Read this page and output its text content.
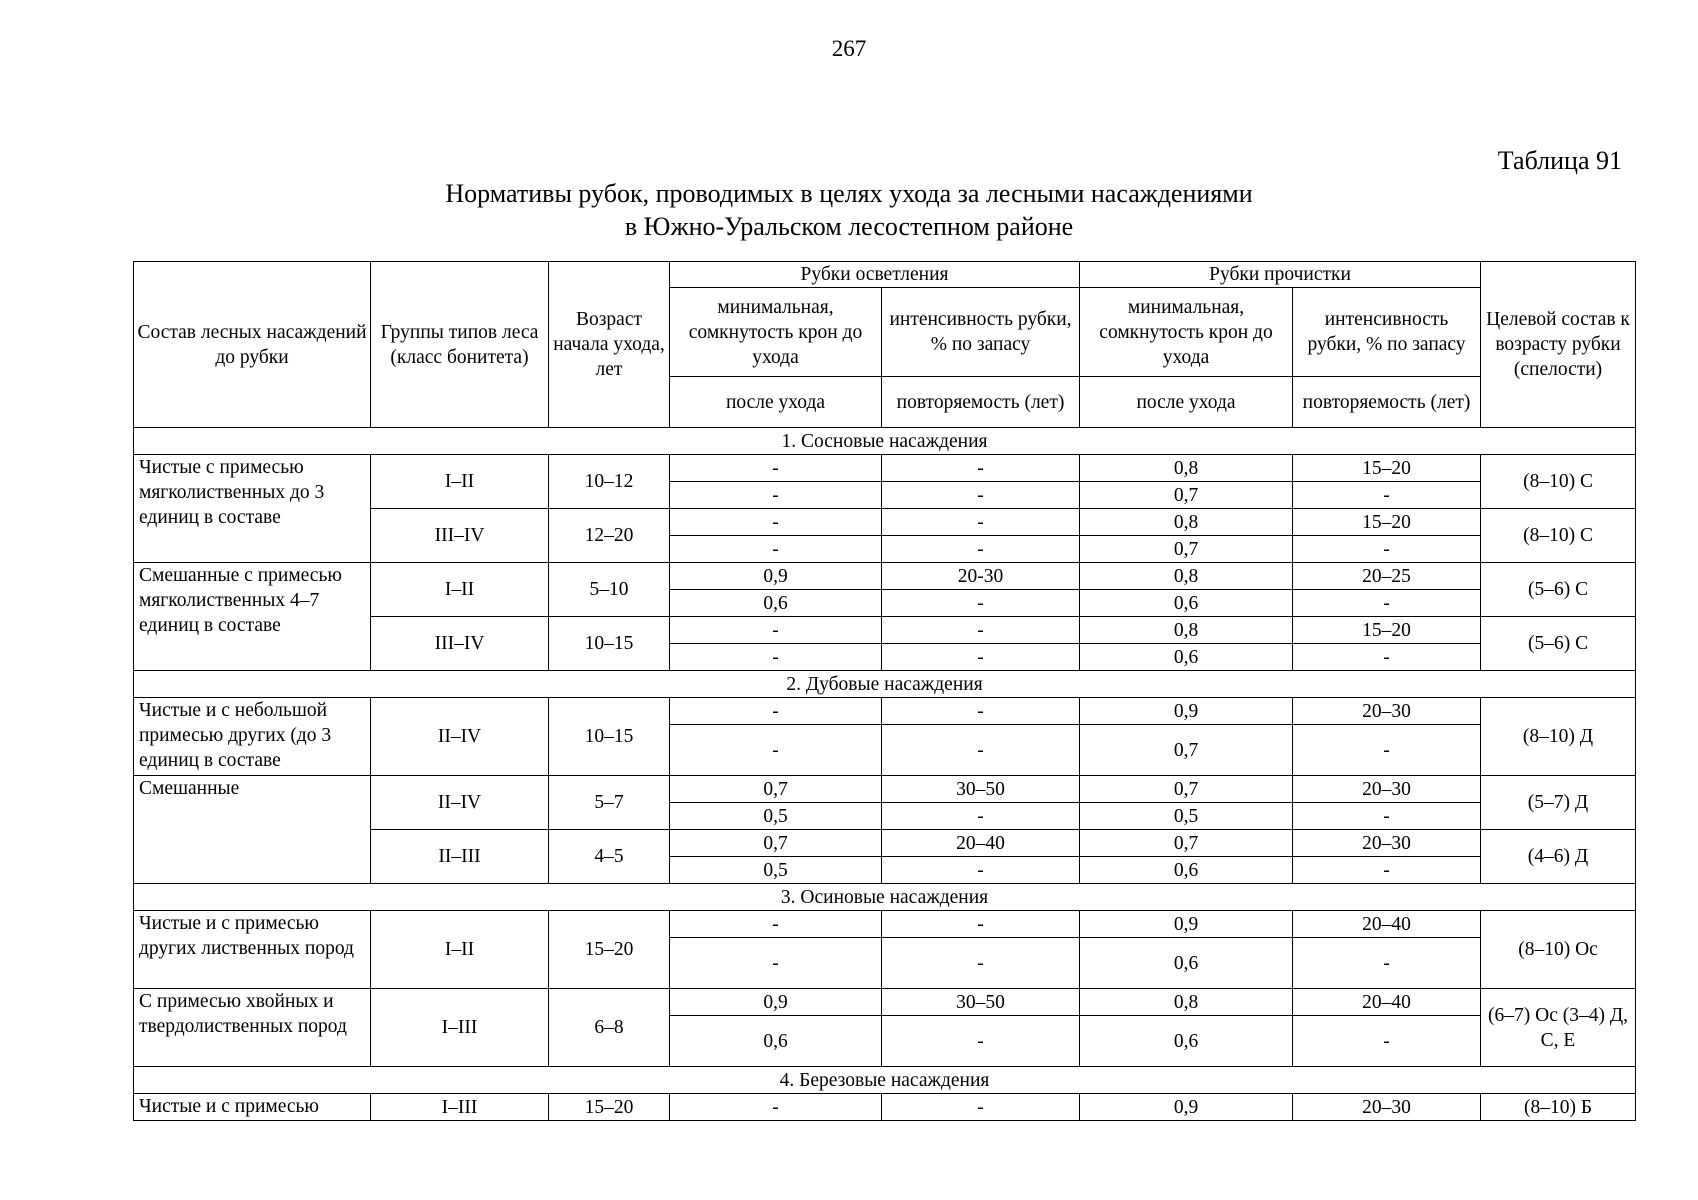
267
Таблица 91
Нормативы рубок, проводимых в целях ухода за лесными насаждениями
в Южно-Уральском лесостепном районе
Состав лесных насаждений до рубки	Группы типов леса (класс бонитета)	Возраст начала ухода, лет	Рубки осветления		Рубки прочистки		Целевой состав к возрасту рубки (спелости)
			минимальная, сомкнутость крон до ухода	интенсивность рубки, % по запасу	минимальная, сомкнутость крон до ухода	интенсивность рубки, % по запасу	
			после ухода	повторяемость (лет)	после ухода	повторяемость (лет)	
1. Сосновые насаждения							
Чистые с примесью мягколиственных до 3 единиц в составе	I–II	10–12	-	-	0,8	15–20	(8–10) С
			-	-	0,7	-	
	III–IV	12–20	-	-	0,8	15–20	(8–10) С
			-	-	0,7	-	
Смешанные с примесью мягколиственных 4–7 единиц в составе	I–II	5–10	0,9	20-30	0,8	20–25	(5–6) С
			0,6	-	0,6	-	
	III–IV	10–15	-	-	0,8	15–20	(5–6) С
			-	-	0,6	-	
2. Дубовые насаждения							
Чистые и с небольшой примесью других (до 3 единиц в составе	II–IV	10–15	-	-	0,9	20–30	(8–10) Д
			-	-	0,7	-	
Смешанные	II–IV	5–7	0,7	30–50	0,7	20–30	(5–7) Д
			0,5	-	0,5	-	
	II–III	4–5	0,7	20–40	0,7	20–30	(4–6) Д
			0,5	-	0,6	-	
3. Осиновые насаждения							
Чистые и с примесью других лиственных пород	I–II	15–20	-	-	0,9	20–40	(8–10) Ос
			-	-	0,6	-	
С примесью хвойных и твердолиственных пород	I–III	6–8	0,9	30–50	0,8	20–40	(6–7) Ос (3–4) Д, С, Е
			0,6	-	0,6	-	
4. Березовые насаждения							
Чистые и с примесью	I–III	15–20	-	-	0,9	20–30	(8–10) Б
